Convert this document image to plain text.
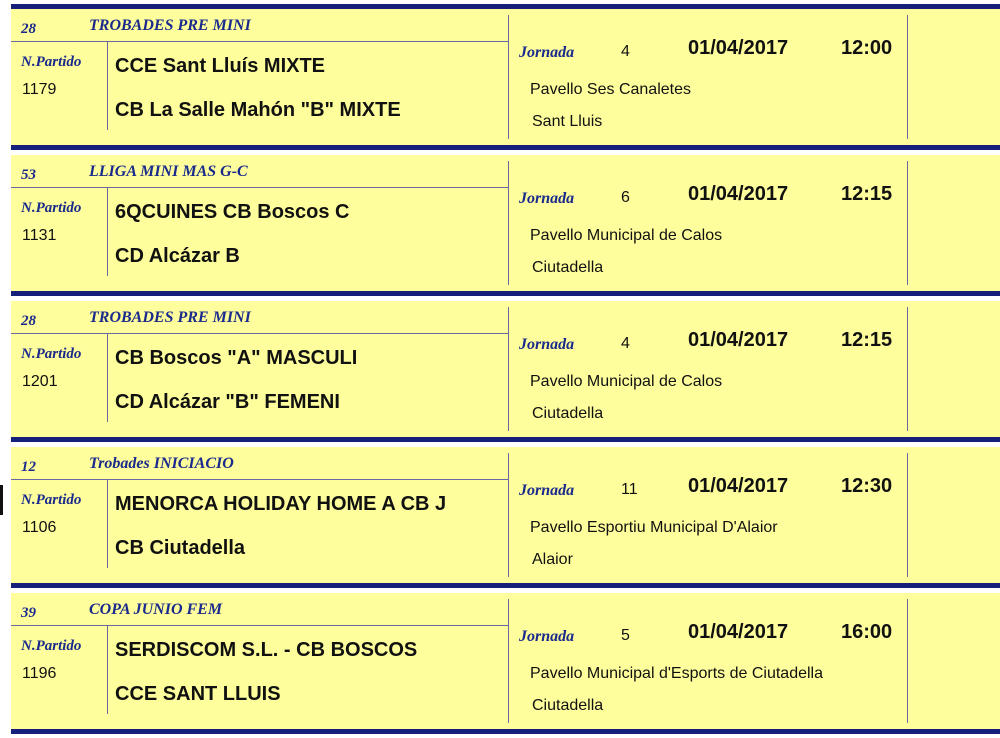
28	TROBADES PRE MINI
N.Partido
1179
CCE Sant Lluís MIXTE
CB La Salle Mahón "B" MIXTE
Jornada	4	01/04/2017	12:00
Pavello Ses Canaletes
Sant Lluis
53	LLIGA MINI MAS G-C
N.Partido
1131
6QCUINES CB Boscos C
CD Alcázar B
Jornada	6	01/04/2017	12:15
Pavello Municipal de Calos
Ciutadella
28	TROBADES PRE MINI
N.Partido
1201
CB Boscos "A" MASCULI
CD Alcázar "B" FEMENI
Jornada	4	01/04/2017	12:15
Pavello Municipal de Calos
Ciutadella
12	Trobades INICIACIO
N.Partido
1106
MENORCA HOLIDAY HOME A CB J
CB Ciutadella
Jornada	11	01/04/2017	12:30
Pavello Esportiu Municipal D'Alaior
Alaior
39	COPA JUNIO FEM
N.Partido
1196
SERDISCOM S.L. - CB BOSCOS
CCE SANT LLUIS
Jornada	5	01/04/2017	16:00
Pavello Municipal d'Esports de Ciutadella
Ciutadella
